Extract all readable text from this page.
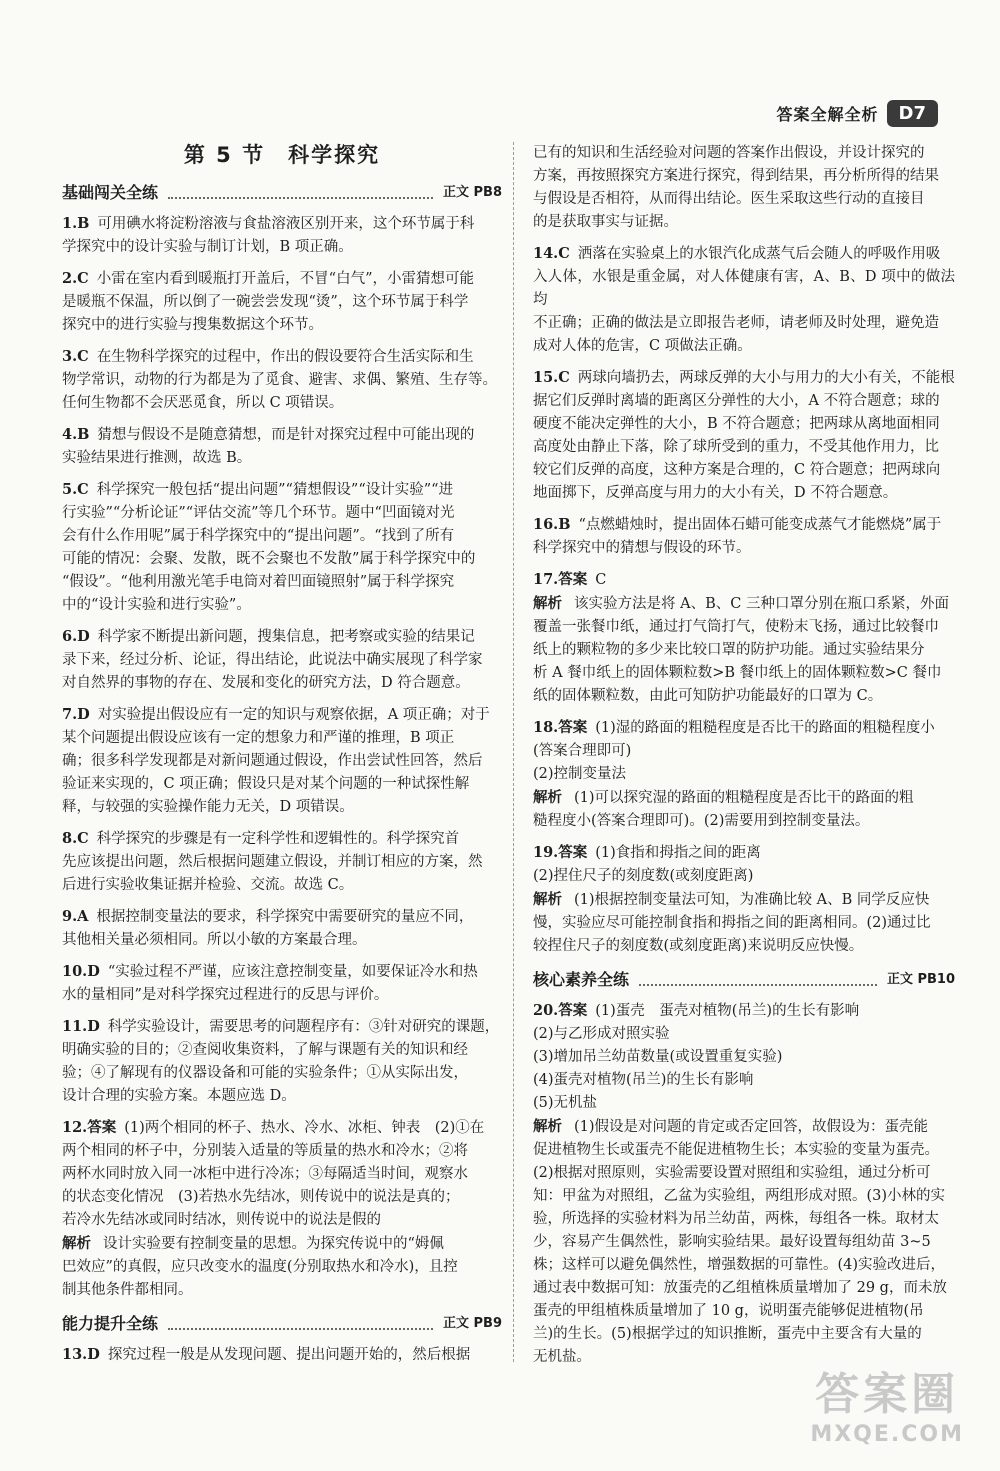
答案全解全析	D7
第 5 节　科学探究
基础闯关全练	正文 PB8
1.B 可用碘水将淀粉溶液与食盐溶液区别开来，这个环节属于科
学探究中的设计实验与制订计划，B 项正确。
2.C 小雷在室内看到暖瓶打开盖后，不冒“白气”，小雷猜想可能
是暖瓶不保温，所以倒了一碗尝尝发现“烫”，这个环节属于科学
探究中的进行实验与搜集数据这个环节。
3.C 在生物科学探究的过程中，作出的假设要符合生活实际和生
物学常识，动物的行为都是为了觅食、避害、求偶、繁殖、生存等。
任何生物都不会厌恶觅食，所以 C 项错误。
4.B 猜想与假设不是随意猜想，而是针对探究过程中可能出现的
实验结果进行推测，故选 B。
5.C 科学探究一般包括“提出问题”“猜想假设”“设计实验”“进
行实验”“分析论证”“评估交流”等几个环节。题中“凹面镜对光
会有什么作用呢”属于科学探究中的“提出问题”。“找到了所有
可能的情况：会聚、发散，既不会聚也不发散”属于科学探究中的
“假设”。“他利用激光笔手电筒对着凹面镜照射”属于科学探究
中的“设计实验和进行实验”。
6.D 科学家不断提出新问题，搜集信息，把考察或实验的结果记
录下来，经过分析、论证，得出结论，此说法中确实展现了科学家
对自然界的事物的存在、发展和变化的研究方法，D 符合题意。
7.D 对实验提出假设应有一定的知识与观察依据，A 项正确；对于
某个问题提出假设应该有一定的想象力和严谨的推理，B 项正
确；很多科学发现都是对新问题通过假设，作出尝试性回答，然后
验证来实现的，C 项正确；假设只是对某个问题的一种试探性解
释，与较强的实验操作能力无关，D 项错误。
8.C 科学探究的步骤是有一定科学性和逻辑性的。科学探究首
先应该提出问题，然后根据问题建立假设，并制订相应的方案，然
后进行实验收集证据并检验、交流。故选 C。
9.A 根据控制变量法的要求，科学探究中需要研究的量应不同，
其他相关量必须相同。所以小敏的方案最合理。
10.D “实验过程不严谨，应该注意控制变量，如要保证冷水和热
水的量相同”是对科学探究过程进行的反思与评价。
11.D 科学实验设计，需要思考的问题程序有：③针对研究的课题，
明确实验的目的；②查阅收集资料，了解与课题有关的知识和经
验；④了解现有的仪器设备和可能的实验条件；①从实际出发，
设计合理的实验方案。本题应选 D。
12.答案 (1)两个相同的杯子、热水、冷水、冰柜、钟表　(2)①在
两个相同的杯子中，分别装入适量的等质量的热水和冷水；②将
两杯水同时放入同一冰柜中进行冷冻；③每隔适当时间，观察水
的状态变化情况　(3)若热水先结冰，则传说中的说法是真的；
若冷水先结冰或同时结冰，则传说中的说法是假的
解析 设计实验要有控制变量的思想。为探究传说中的“姆佩
巴效应”的真假，应只改变水的温度(分别取热水和冷水)，且控
制其他条件都相同。
能力提升全练	正文 PB9
13.D 探究过程一般是从发现问题、提出问题开始的，然后根据
已有的知识和生活经验对问题的答案作出假设，并设计探究的
方案，再按照探究方案进行探究，得到结果，再分析所得的结果
与假设是否相符，从而得出结论。医生采取这些行动的直接目
的是获取事实与证据。
14.C 洒落在实验桌上的水银汽化成蒸气后会随人的呼吸作用吸
入人体，水银是重金属，对人体健康有害，A、B、D 项中的做法均
不正确；正确的做法是立即报告老师，请老师及时处理，避免造
成对人体的危害，C 项做法正确。
15.C 两球向墙扔去，两球反弹的大小与用力的大小有关，不能根
据它们反弹时离墙的距离区分弹性的大小，A 不符合题意；球的
硬度不能决定弹性的大小，B 不符合题意；把两球从离地面相同
高度处由静止下落，除了球所受到的重力，不受其他作用力，比
较它们反弹的高度，这种方案是合理的，C 符合题意；把两球向
地面掷下，反弹高度与用力的大小有关，D 不符合题意。
16.B “点燃蜡烛时，提出固体石蜡可能变成蒸气才能燃烧”属于
科学探究中的猜想与假设的环节。
17.答案 C
解析 该实验方法是将 A、B、C 三种口罩分别在瓶口系紧，外面
覆盖一张餐巾纸，通过打气筒打气，使粉末飞扬，通过比较餐巾
纸上的颗粒物的多少来比较口罩的防护功能。通过实验结果分
析 A 餐巾纸上的固体颗粒数>B 餐巾纸上的固体颗粒数>C 餐巾
纸的固体颗粒数，由此可知防护功能最好的口罩为 C。
18.答案 (1)湿的路面的粗糙程度是否比干的路面的粗糙程度小
(答案合理即可)
(2)控制变量法
解析 (1)可以探究湿的路面的粗糙程度是否比干的路面的粗
糙程度小(答案合理即可)。(2)需要用到控制变量法。
19.答案 (1)食指和拇指之间的距离
(2)捏住尺子的刻度数(或刻度距离)
解析 (1)根据控制变量法可知，为准确比较 A、B 同学反应快
慢，实验应尽可能控制食指和拇指之间的距离相同。(2)通过比
较捏住尺子的刻度数(或刻度距离)来说明反应快慢。
核心素养全练	正文 PB10
20.答案 (1)蛋壳　蛋壳对植物(吊兰)的生长有影响
(2)与乙形成对照实验
(3)增加吊兰幼苗数量(或设置重复实验)
(4)蛋壳对植物(吊兰)的生长有影响
(5)无机盐
解析 (1)假设是对问题的肯定或否定回答，故假设为：蛋壳能
促进植物生长或蛋壳不能促进植物生长；本实验的变量为蛋壳。
(2)根据对照原则，实验需要设置对照组和实验组，通过分析可
知：甲盆为对照组，乙盆为实验组，两组形成对照。(3)小林的实
验，所选择的实验材料为吊兰幼苗，两株，每组各一株。取材太
少，容易产生偶然性，影响实验结果。最好设置每组幼苗 3~5
株；这样可以避免偶然性，增强数据的可靠性。(4)实验改进后，
通过表中数据可知：放蛋壳的乙组植株质量增加了 29 g，而未放
蛋壳的甲组植株质量增加了 10 g，说明蛋壳能够促进植物(吊
兰)的生长。(5)根据学过的知识推断，蛋壳中主要含有大量的
无机盐。
答案圈
MXQE.COM
